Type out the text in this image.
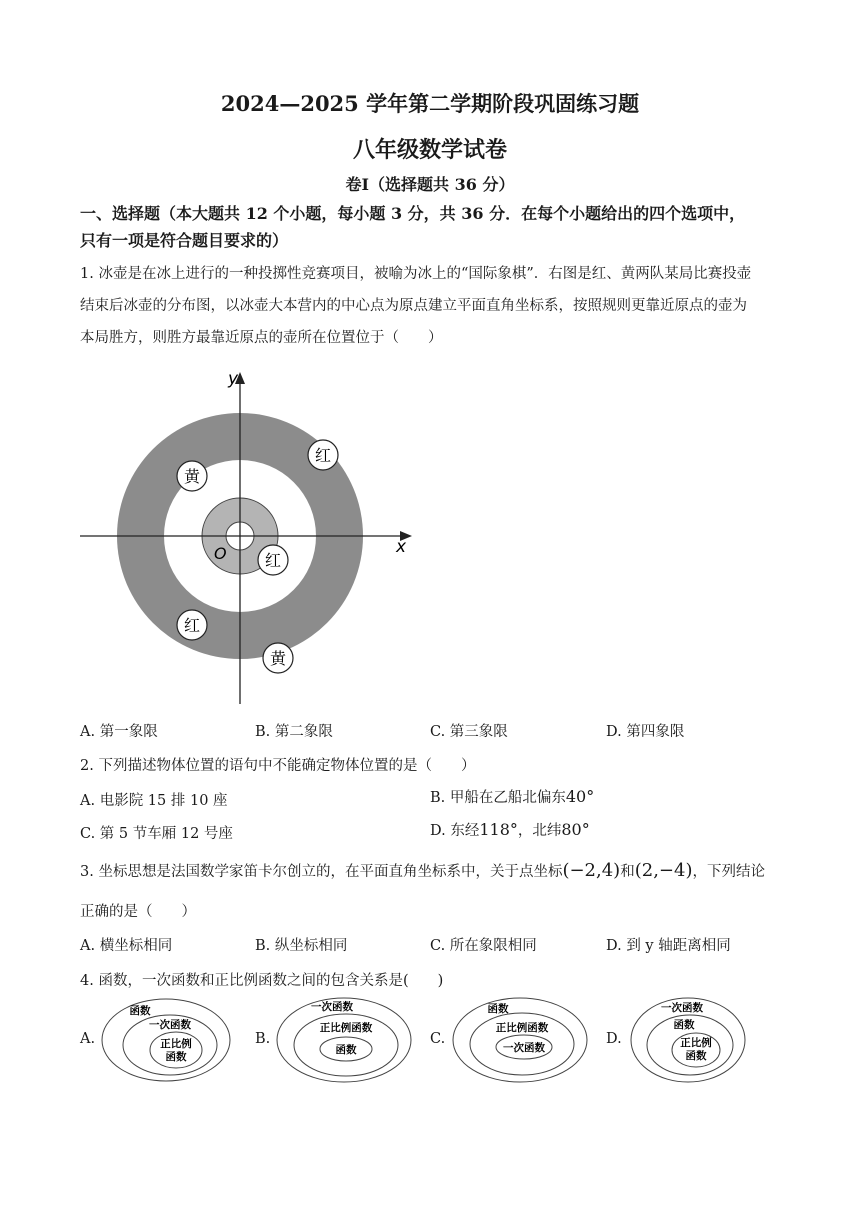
2024—2025 学年第二学期阶段巩固练习题
八年级数学试卷
卷Ⅰ（选择题共 36 分）
一、选择题（本大题共 12 个小题，每小题 3 分，共 36 分．在每个小题给出的四个选项中，
只有一项是符合题目要求的）
1. 冰壶是在冰上进行的一种投掷性竞赛项目，被喻为冰上的“国际象棋”．右图是红、黄两队某局比赛投壶
结束后冰壶的分布图，以冰壶大本营内的中心点为原点建立平面直角坐标系，按照规则更靠近原点的壶为
本局胜方，则胜方最靠近原点的壶所在位置位于（　　）
y
x
O
黄
红
红
红
黄
A. 第一象限	B. 第二象限	C. 第三象限	D. 第四象限
2. 下列描述物体位置的语句中不能确定物体位置的是（　　）
A. 电影院 15 排 10 座	B. 甲船在乙船北偏东40°
C. 第 5 节车厢 12 号座	D. 东经118°，北纬80°
3. 坐标思想是法国数学家笛卡尔创立的，在平面直角坐标系中，关于点坐标(−2,4)和(2,−4)，下列结论
正确的是（　　）
A. 横坐标相同	B. 纵坐标相同	C. 所在象限相同	D. 到 y 轴距离相同
4. 函数，一次函数和正比例函数之间的包含关系是(　　)
A.
函数
一次函数
正比例
函数
B.
一次函数
正比例函数
函数
C.
函数
正比例函数
一次函数
D.
一次函数
函数
正比例
函数
